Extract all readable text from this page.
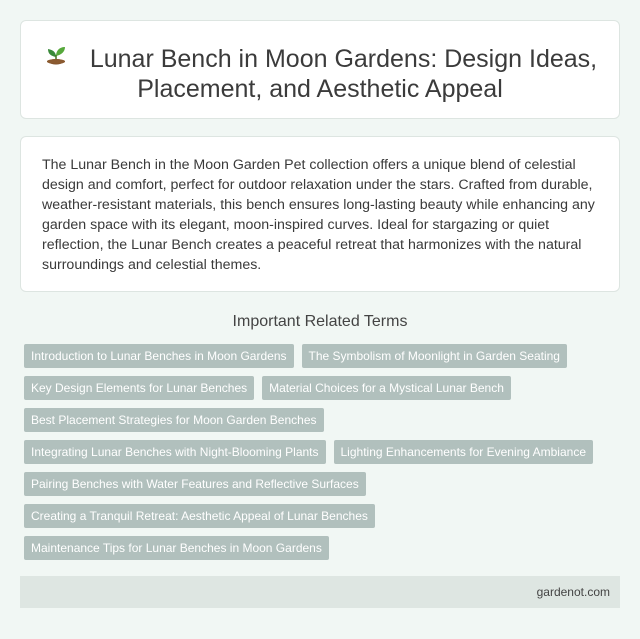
Lunar Bench in Moon Gardens: Design Ideas, Placement, and Aesthetic Appeal

The Lunar Bench in the Moon Garden Pet collection offers a unique blend of celestial design and comfort, perfect for outdoor relaxation under the stars. Crafted from durable, weather-resistant materials, this bench ensures long-lasting beauty while enhancing any garden space with its elegant, moon-inspired curves. Ideal for stargazing or quiet reflection, the Lunar Bench creates a peaceful retreat that harmonizes with the natural surroundings and celestial themes.

Important Related Terms
Introduction to Lunar Benches in Moon Gardens	The Symbolism of Moonlight in Garden Seating
Key Design Elements for Lunar Benches	Material Choices for a Mystical Lunar Bench
Best Placement Strategies for Moon Garden Benches
Integrating Lunar Benches with Night-Blooming Plants	Lighting Enhancements for Evening Ambiance
Pairing Benches with Water Features and Reflective Surfaces
Creating a Tranquil Retreat: Aesthetic Appeal of Lunar Benches
Maintenance Tips for Lunar Benches in Moon Gardens
gardenot.com
